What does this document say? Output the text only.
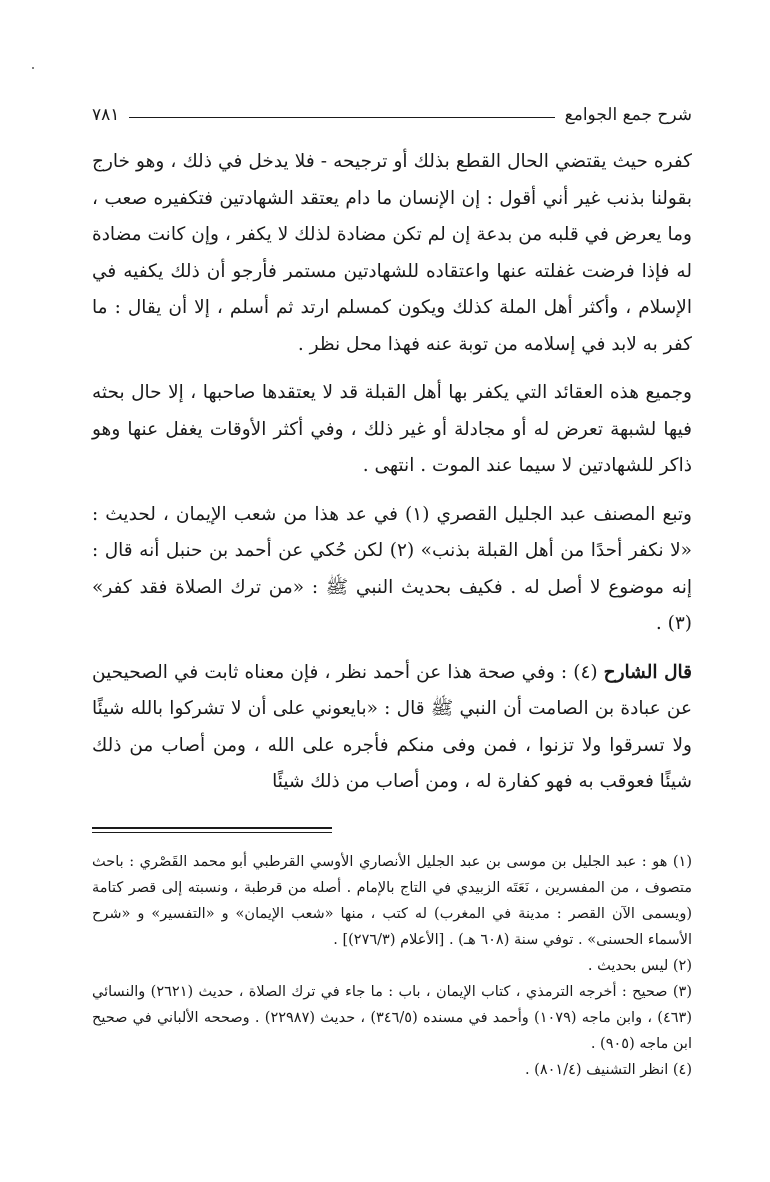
شرح جمع الجوامع
٧٨١

كفره حيث يقتضي الحال القطع بذلك أو ترجيحه - فلا يدخل في ذلك ، وهو خارج بقولنا بذنب غير أني أقول : إن الإنسان ما دام يعتقد الشهادتين فتكفيره صعب ، وما يعرض في قلبه من بدعة إن لم تكن مضادة لذلك لا يكفر ، وإن كانت مضادة له فإذا فرضت غفلته عنها واعتقاده للشهادتين مستمر فأرجو أن ذلك يكفيه في الإسلام ، وأكثر أهل الملة كذلك ويكون كمسلم ارتد ثم أسلم ، إلا أن يقال : ما كفر به لابد في إسلامه من توبة عنه فهذا محل نظر .

وجميع هذه العقائد التي يكفر بها أهل القبلة قد لا يعتقدها صاحبها ، إلا حال بحثه فيها لشبهة تعرض له أو مجادلة أو غير ذلك ، وفي أكثر الأوقات يغفل عنها وهو ذاكر للشهادتين لا سيما عند الموت . انتهى .

وتبع المصنف عبد الجليل القصري (١) في عد هذا من شعب الإيمان ، لحديث : «لا نكفر أحدًا من أهل القبلة بذنب» (٢) لكن حُكي عن أحمد بن حنبل أنه قال : إنه موضوع لا أصل له . فكيف بحديث النبي ﷺ : «من ترك الصلاة فقد كفر» (٣) .

قال الشارح (٤) : وفي صحة هذا عن أحمد نظر ، فإن معناه ثابت في الصحيحين عن عبادة بن الصامت أن النبي ﷺ قال : «بايعوني على أن لا تشركوا بالله شيئًا ولا تسرقوا ولا تزنوا ، فمن وفى منكم فأجره على الله ، ومن أصاب من ذلك شيئًا فعوقب به فهو كفارة له ، ومن أصاب من ذلك شيئًا

(١) هو : عبد الجليل بن موسى بن عبد الجليل الأنصاري الأوسي القرطبي أبو محمد القَصْري : باحث متصوف ، من المفسرين ، نَعَتَه الزبيدي في التاج بالإمام . أصله من قرطبة ، ونسبته إلى قصر كتامة (ويسمى الآن القصر : مدينة في المغرب) له كتب ، منها «شعب الإيمان» و «التفسير» و «شرح الأسماء الحسنى» . توفي سنة (٦٠٨ هـ) . [الأعلام (٢٧٦/٣)] .

(٢) ليس بحديث .

(٣) صحيح : أخرجه الترمذي ، كتاب الإيمان ، باب : ما جاء في ترك الصلاة ، حديث (٢٦٢١) والنسائي (٤٦٣) ، وابن ماجه (١٠٧٩) وأحمد في مسنده (٣٤٦/٥) ، حديث (٢٢٩٨٧) . وصححه الألباني في صحيح ابن ماجه (٩٠٥) .

(٤) انظر التشنيف (٨٠١/٤) .
